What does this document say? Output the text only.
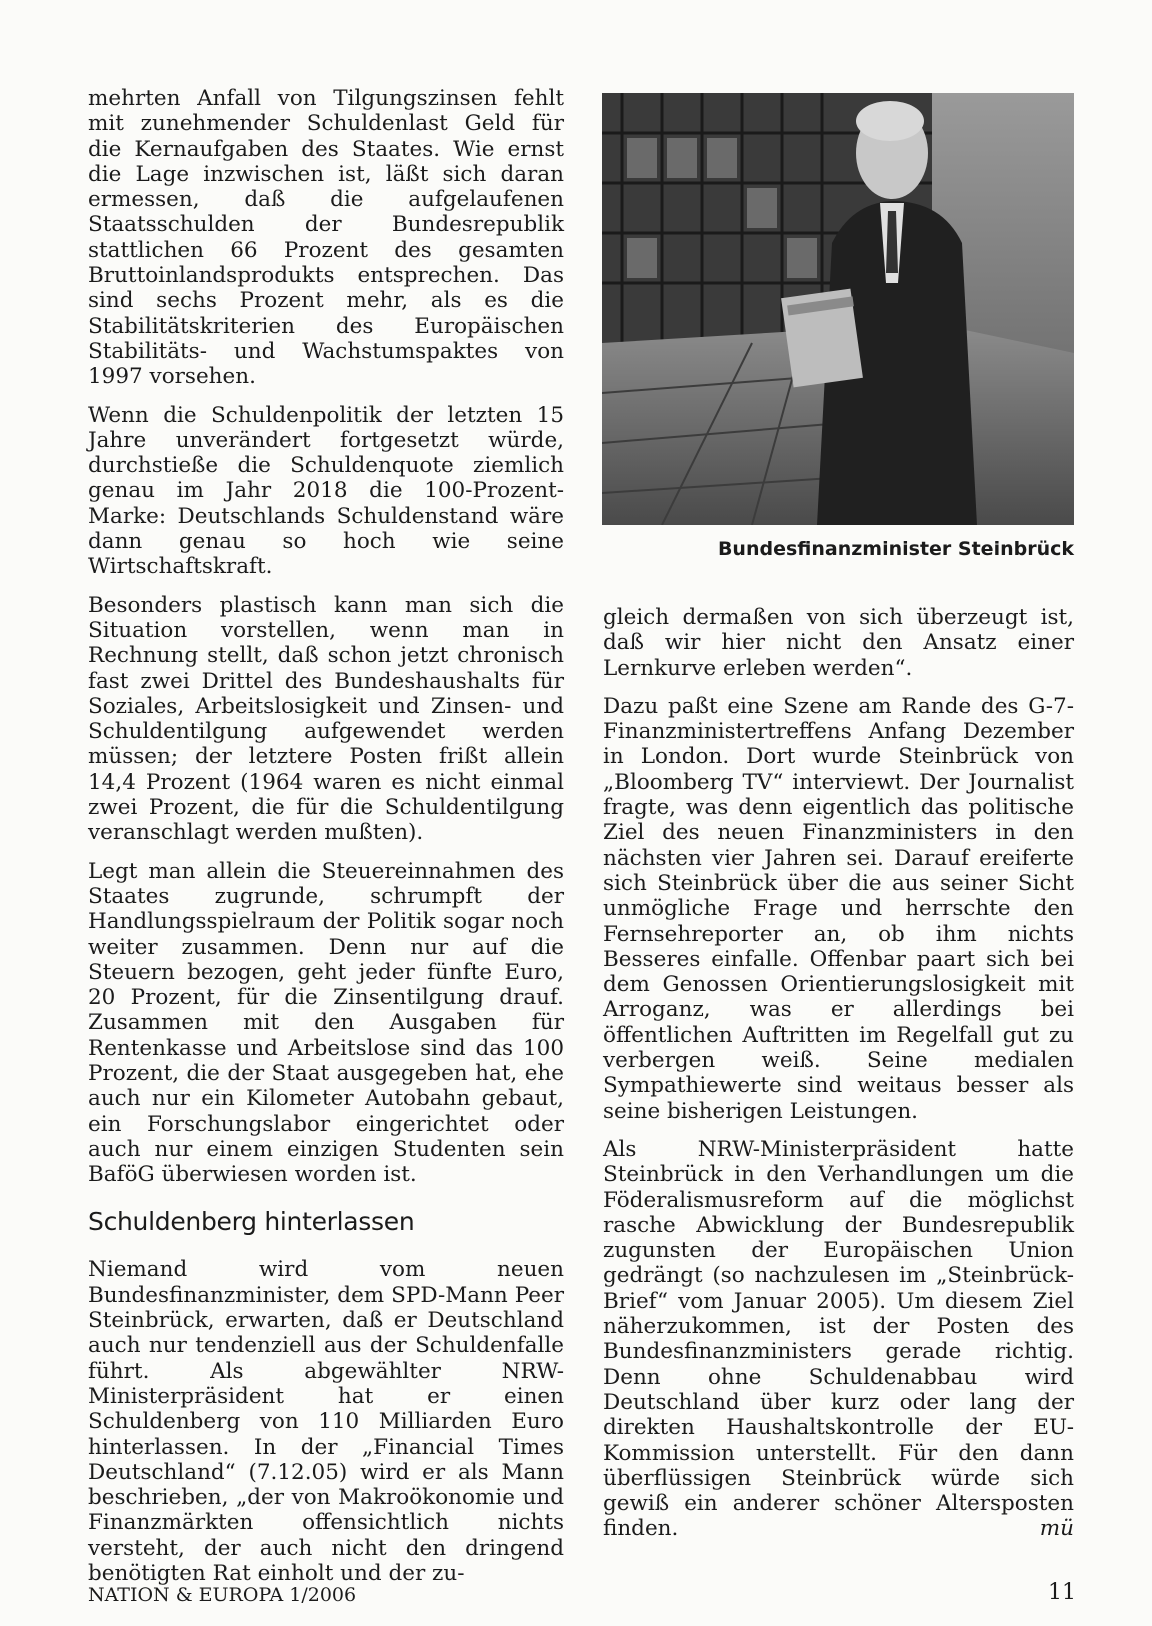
mehrten Anfall von Tilgungszinsen fehlt mit zunehmender Schuldenlast Geld für die Kernaufgaben des Staates. Wie ernst die Lage inzwischen ist, läßt sich daran ermessen, daß die aufgelaufenen Staatsschulden der Bundesrepublik stattlichen 66 Prozent des gesamten Bruttoinlandsprodukts entsprechen. Das sind sechs Prozent mehr, als es die Stabilitätskriterien des Europäischen Stabilitäts- und Wachstumspaktes von 1997 vorsehen.

Wenn die Schuldenpolitik der letzten 15 Jahre unverändert fortgesetzt würde, durchstieße die Schuldenquote ziemlich genau im Jahr 2018 die 100-Prozent-Marke: Deutschlands Schuldenstand wäre dann genau so hoch wie seine Wirtschaftskraft.

Besonders plastisch kann man sich die Situation vorstellen, wenn man in Rechnung stellt, daß schon jetzt chronisch fast zwei Drittel des Bundeshaushalts für Soziales, Arbeitslosigkeit und Zinsen- und Schuldentilgung aufgewendet werden müssen; der letztere Posten frißt allein 14,4 Prozent (1964 waren es nicht einmal zwei Prozent, die für die Schuldentilgung veranschlagt werden mußten).

Legt man allein die Steuereinnahmen des Staates zugrunde, schrumpft der Handlungsspielraum der Politik sogar noch weiter zusammen. Denn nur auf die Steuern bezogen, geht jeder fünfte Euro, 20 Prozent, für die Zinsentilgung drauf. Zusammen mit den Ausgaben für Rentenkasse und Arbeitslose sind das 100 Prozent, die der Staat ausgegeben hat, ehe auch nur ein Kilometer Autobahn gebaut, ein Forschungslabor eingerichtet oder auch nur einem einzigen Studenten sein BaföG überwiesen worden ist.

Schuldenberg hinterlassen

Niemand wird vom neuen Bundesfinanzminister, dem SPD-Mann Peer Steinbrück, erwarten, daß er Deutschland auch nur tendenziell aus der Schuldenfalle führt. Als abgewählter NRW-Ministerpräsident hat er einen Schuldenberg von 110 Milliarden Euro hinterlassen. In der „Financial Times Deutschland“ (7.12.05) wird er als Mann beschrieben, „der von Makroökonomie und Finanzmärkten offensichtlich nichts versteht, der auch nicht den dringend benötigten Rat einholt und der zu-

Bundesfinanzminister Steinbrück

gleich dermaßen von sich überzeugt ist, daß wir hier nicht den Ansatz einer Lernkurve erleben werden“.

Dazu paßt eine Szene am Rande des G-7-Finanzministertreffens Anfang Dezember in London. Dort wurde Steinbrück von „Bloomberg TV“ interviewt. Der Journalist fragte, was denn eigentlich das politische Ziel des neuen Finanzministers in den nächsten vier Jahren sei. Darauf ereiferte sich Steinbrück über die aus seiner Sicht unmögliche Frage und herrschte den Fernsehreporter an, ob ihm nichts Besseres einfalle. Offenbar paart sich bei dem Genossen Orientierungslosigkeit mit Arroganz, was er allerdings bei öffentlichen Auftritten im Regelfall gut zu verbergen weiß. Seine medialen Sympathiewerte sind weitaus besser als seine bisherigen Leistungen.

Als NRW-Ministerpräsident hatte Steinbrück in den Verhandlungen um die Föderalismusreform auf die möglichst rasche Abwicklung der Bundesrepublik zugunsten der Europäischen Union gedrängt (so nachzulesen im „Steinbrück-Brief“ vom Januar 2005). Um diesem Ziel näherzukommen, ist der Posten des Bundesfinanzministers gerade richtig. Denn ohne Schuldenabbau wird Deutschland über kurz oder lang der direkten Haushaltskontrolle der EU-Kommission unterstellt. Für den dann überflüssigen Steinbrück würde sich gewiß ein anderer schöner Altersposten finden.	mü

NATION & EUROPA 1/2006	11
